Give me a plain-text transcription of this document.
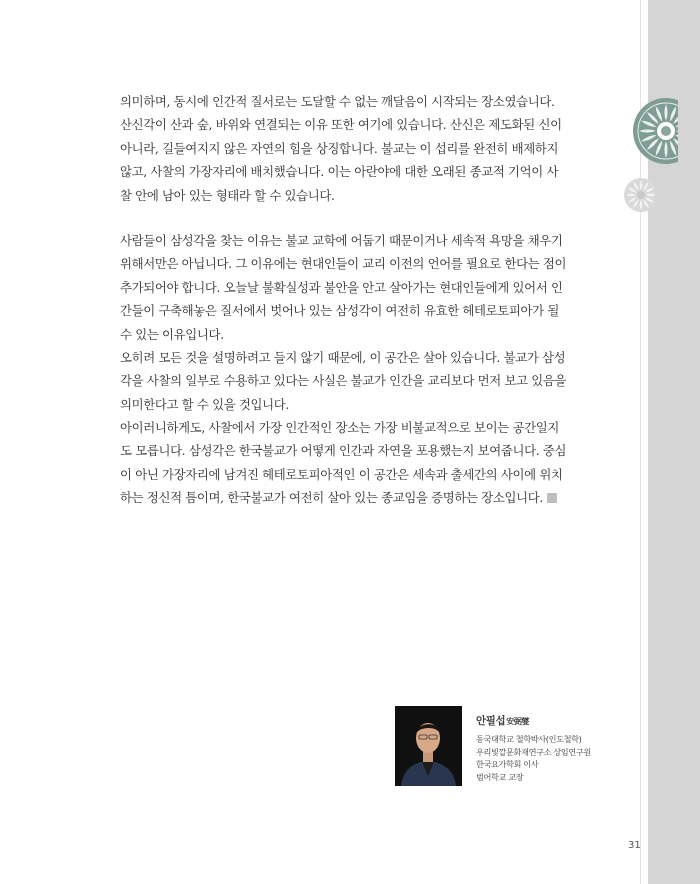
의미하며, 동시에 인간적 질서로는 도달할 수 없는 깨달음이 시작되는 장소였습니다.
산신각이 산과 숲, 바위와 연결되는 이유 또한 여기에 있습니다. 산신은 제도화된 신이
아니라, 길들여지지 않은 자연의 힘을 상징합니다. 불교는 이 섭리를 완전히 배제하지
않고, 사찰의 가장자리에 배치했습니다. 이는 아란야에 대한 오래된 종교적 기억이 사
찰 안에 남아 있는 형태라 할 수 있습니다.
사람들이 삼성각을 찾는 이유는 불교 교학에 어둡기 때문이거나 세속적 욕망을 채우기
위해서만은 아닙니다. 그 이유에는 현대인들이 교리 이전의 언어를 필요로 한다는 점이
추가되어야 합니다. 오늘날 불확실성과 불안을 안고 살아가는 현대인들에게 있어서 인
간들이 구축해놓은 질서에서 벗어나 있는 삼성각이 여전히 유효한 헤테로토피아가 될
수 있는 이유입니다.
오히려 모든 것을 설명하려고 들지 않기 때문에, 이 공간은 살아 있습니다. 불교가 삼성
각을 사찰의 일부로 수용하고 있다는 사실은 불교가 인간을 교리보다 먼저 보고 있음을
의미한다고 할 수 있을 것입니다.
아이러니하게도, 사찰에서 가장 인간적인 장소는 가장 비불교적으로 보이는 공간일지
도 모릅니다. 삼성각은 한국불교가 어떻게 인간과 자연을 포용했는지 보여줍니다. 중심
이 아닌 가장자리에 남겨진 헤테로토피아적인 이 공간은 세속과 출세간의 사이에 위치
하는 정신적 틈이며, 한국불교가 여전히 살아 있는 종교임을 증명하는 장소입니다.
안필섭安弼燮
동국대학교 철학박사(인도철학)
우리빛깔문화재연구소 상임연구원
한국요가학회 이사
범어학교 교장
31
